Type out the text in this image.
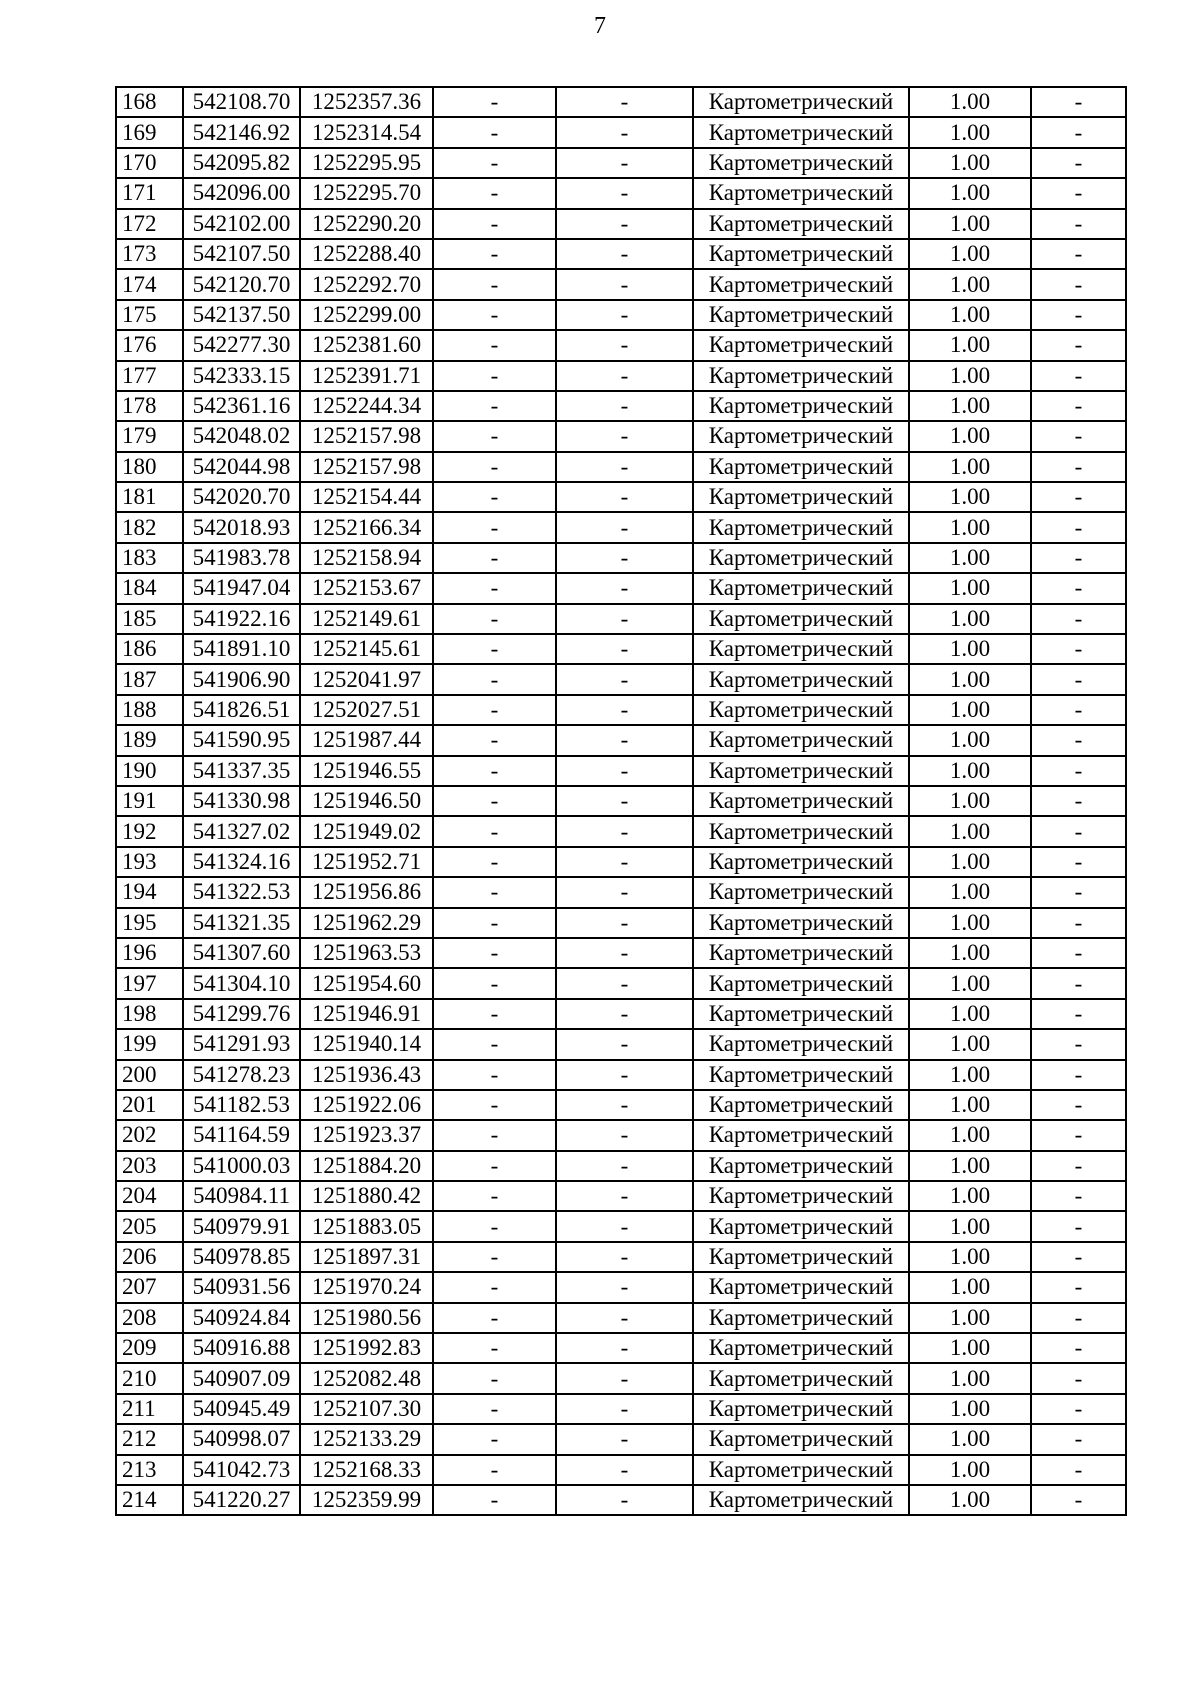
7
168	542108.70	1252357.36	-	-	Картометрический	1.00	-
169	542146.92	1252314.54	-	-	Картометрический	1.00	-
170	542095.82	1252295.95	-	-	Картометрический	1.00	-
171	542096.00	1252295.70	-	-	Картометрический	1.00	-
172	542102.00	1252290.20	-	-	Картометрический	1.00	-
173	542107.50	1252288.40	-	-	Картометрический	1.00	-
174	542120.70	1252292.70	-	-	Картометрический	1.00	-
175	542137.50	1252299.00	-	-	Картометрический	1.00	-
176	542277.30	1252381.60	-	-	Картометрический	1.00	-
177	542333.15	1252391.71	-	-	Картометрический	1.00	-
178	542361.16	1252244.34	-	-	Картометрический	1.00	-
179	542048.02	1252157.98	-	-	Картометрический	1.00	-
180	542044.98	1252157.98	-	-	Картометрический	1.00	-
181	542020.70	1252154.44	-	-	Картометрический	1.00	-
182	542018.93	1252166.34	-	-	Картометрический	1.00	-
183	541983.78	1252158.94	-	-	Картометрический	1.00	-
184	541947.04	1252153.67	-	-	Картометрический	1.00	-
185	541922.16	1252149.61	-	-	Картометрический	1.00	-
186	541891.10	1252145.61	-	-	Картометрический	1.00	-
187	541906.90	1252041.97	-	-	Картометрический	1.00	-
188	541826.51	1252027.51	-	-	Картометрический	1.00	-
189	541590.95	1251987.44	-	-	Картометрический	1.00	-
190	541337.35	1251946.55	-	-	Картометрический	1.00	-
191	541330.98	1251946.50	-	-	Картометрический	1.00	-
192	541327.02	1251949.02	-	-	Картометрический	1.00	-
193	541324.16	1251952.71	-	-	Картометрический	1.00	-
194	541322.53	1251956.86	-	-	Картометрический	1.00	-
195	541321.35	1251962.29	-	-	Картометрический	1.00	-
196	541307.60	1251963.53	-	-	Картометрический	1.00	-
197	541304.10	1251954.60	-	-	Картометрический	1.00	-
198	541299.76	1251946.91	-	-	Картометрический	1.00	-
199	541291.93	1251940.14	-	-	Картометрический	1.00	-
200	541278.23	1251936.43	-	-	Картометрический	1.00	-
201	541182.53	1251922.06	-	-	Картометрический	1.00	-
202	541164.59	1251923.37	-	-	Картометрический	1.00	-
203	541000.03	1251884.20	-	-	Картометрический	1.00	-
204	540984.11	1251880.42	-	-	Картометрический	1.00	-
205	540979.91	1251883.05	-	-	Картометрический	1.00	-
206	540978.85	1251897.31	-	-	Картометрический	1.00	-
207	540931.56	1251970.24	-	-	Картометрический	1.00	-
208	540924.84	1251980.56	-	-	Картометрический	1.00	-
209	540916.88	1251992.83	-	-	Картометрический	1.00	-
210	540907.09	1252082.48	-	-	Картометрический	1.00	-
211	540945.49	1252107.30	-	-	Картометрический	1.00	-
212	540998.07	1252133.29	-	-	Картометрический	1.00	-
213	541042.73	1252168.33	-	-	Картометрический	1.00	-
214	541220.27	1252359.99	-	-	Картометрический	1.00	-
